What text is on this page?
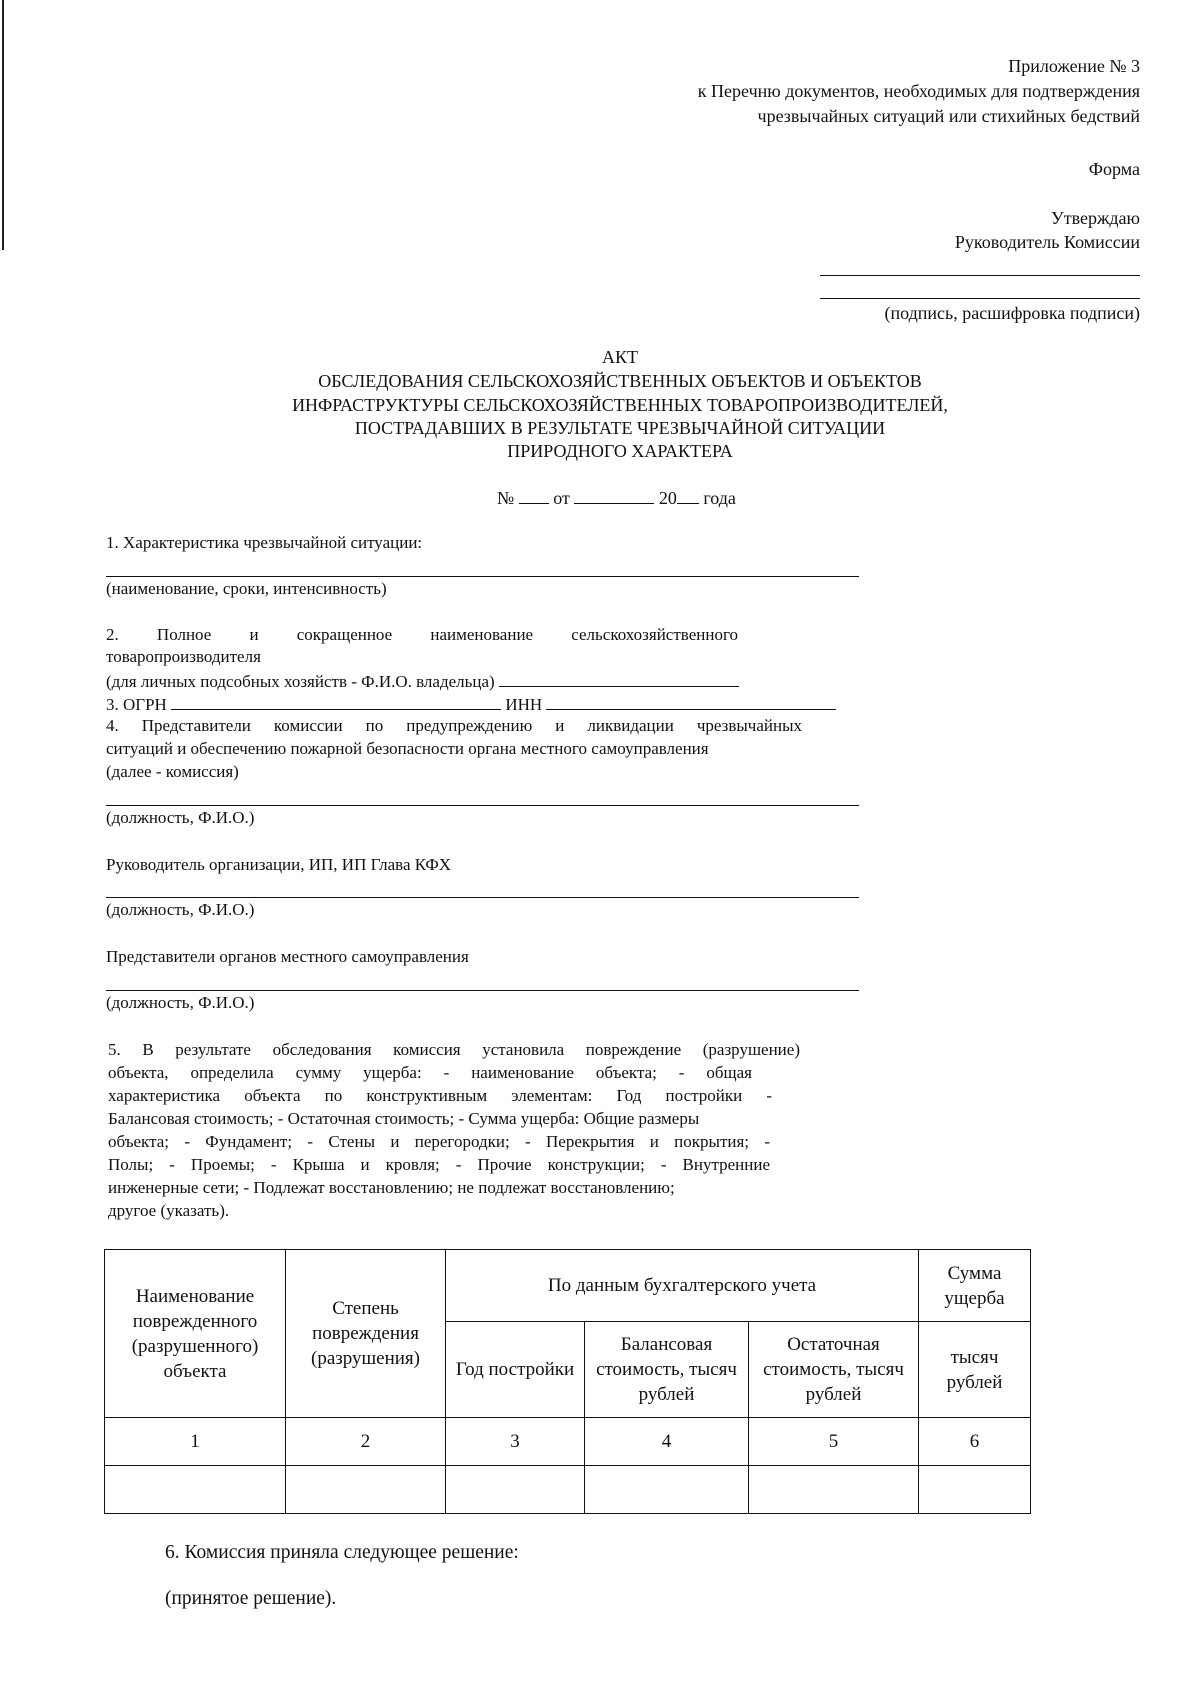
Приложение № 3
к Перечню документов, необходимых для подтверждения
чрезвычайных ситуаций или стихийных бедствий
Форма
Утверждаю
Руководитель Комиссии
(подпись, расшифровка подписи)
АКТ
ОБСЛЕДОВАНИЯ СЕЛЬСКОХОЗЯЙСТВЕННЫХ ОБЪЕКТОВ И ОБЪЕКТОВ
ИНФРАСТРУКТУРЫ СЕЛЬСКОХОЗЯЙСТВЕННЫХ ТОВАРОПРОИЗВОДИТЕЛЕЙ,
ПОСТРАДАВШИХ В РЕЗУЛЬТАТЕ ЧРЕЗВЫЧАЙНОЙ СИТУАЦИИ
ПРИРОДНОГО ХАРАКТЕРА
№ от	20 года
1. Характеристика чрезвычайной ситуации:
(наименование, сроки, интенсивность)
2. Полное и сокращенное наименование сельскохозяйственного
товаропроизводителя
(для личных подсобных хозяйств - Ф.И.О. владельца)
3. ОГРН	ИНН
4. Представители комиссии по предупреждению и ликвидации чрезвычайных
ситуаций и обеспечению пожарной безопасности органа местного самоуправления
(далее - комиссия)
(должность, Ф.И.О.)
Руководитель организации, ИП, ИП Глава КФХ
(должность, Ф.И.О.)
Представители органов местного самоуправления
(должность, Ф.И.О.)
5. В результате обследования комиссия установила повреждение (разрушение)
объекта, определила сумму ущерба: - наименование объекта; - общая
характеристика объекта по конструктивным элементам: Год постройки -
Балансовая стоимость; - Остаточная стоимость; - Сумма ущерба: Общие размеры
объекта; - Фундамент; - Стены и перегородки; - Перекрытия и покрытия; -
Полы; - Проемы; - Крыша и кровля; - Прочие конструкции; - Внутренние
инженерные сети; - Подлежат восстановлению; не подлежат восстановлению;
другое (указать).
Наименование поврежденного (разрушенного) объекта	Степень повреждения (разрушения)	По данным бухгалтерского учета			Сумма ущерба
		Год постройки	Балансовая стоимость, тысяч рублей	Остаточная стоимость, тысяч рублей	тысяч рублей
1	2	3	4	5	6

6. Комиссия приняла следующее решение:
(принятое решение).
